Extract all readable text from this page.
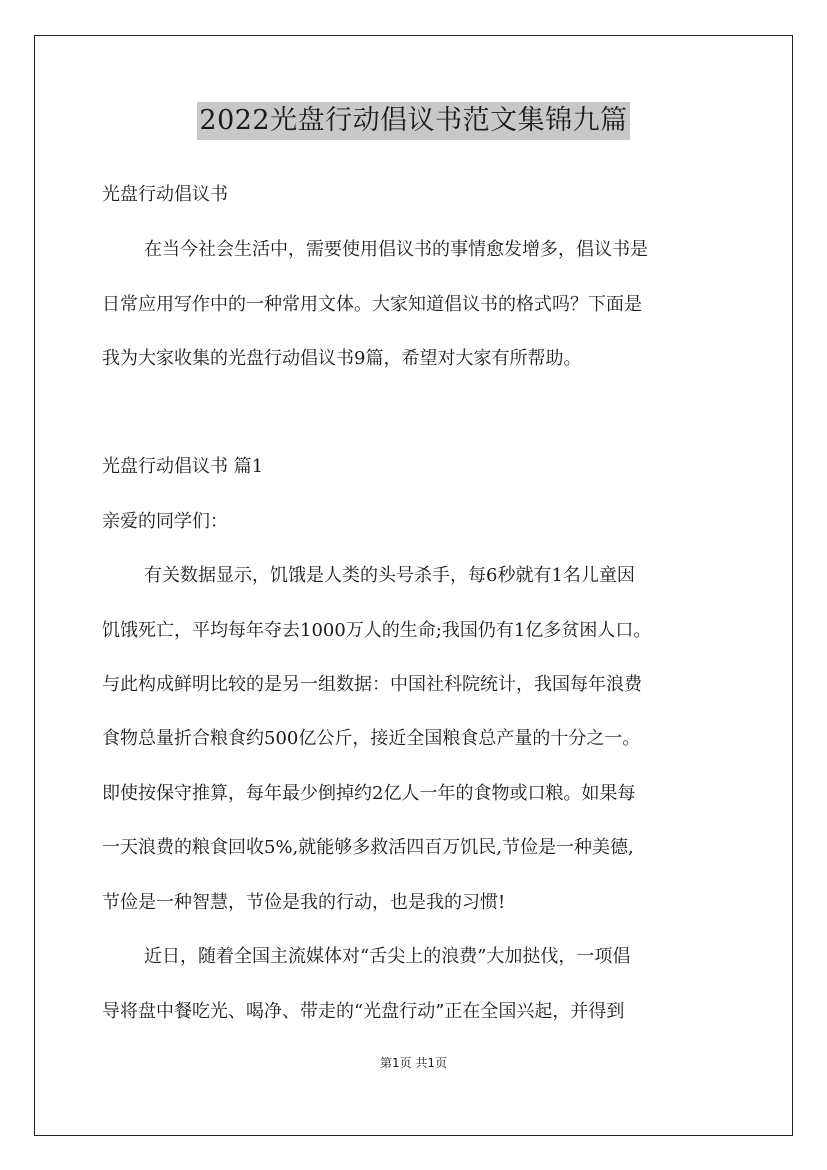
2022光盘行动倡议书范文集锦九篇
光盘行动倡议书
在当今社会生活中，需要使用倡议书的事情愈发增多，倡议书是
日常应用写作中的一种常用文体。大家知道倡议书的格式吗？下面是
我为大家收集的光盘行动倡议书9篇，希望对大家有所帮助。
光盘行动倡议书 篇1
亲爱的同学们：
有关数据显示，饥饿是人类的头号杀手，每6秒就有1名儿童因
饥饿死亡，平均每年夺去1000万人的生命;我国仍有1亿多贫困人口。
与此构成鲜明比较的是另一组数据：中国社科院统计，我国每年浪费
食物总量折合粮食约500亿公斤，接近全国粮食总产量的十分之一。
即使按保守推算，每年最少倒掉约2亿人一年的食物或口粮。如果每
一天浪费的粮食回收5%,就能够多救活四百万饥民,节俭是一种美德,
节俭是一种智慧，节俭是我的行动，也是我的习惯!
近日，随着全国主流媒体对“舌尖上的浪费”大加挞伐，一项倡
导将盘中餐吃光、喝净、带走的“光盘行动”正在全国兴起，并得到
第1页 共1页
